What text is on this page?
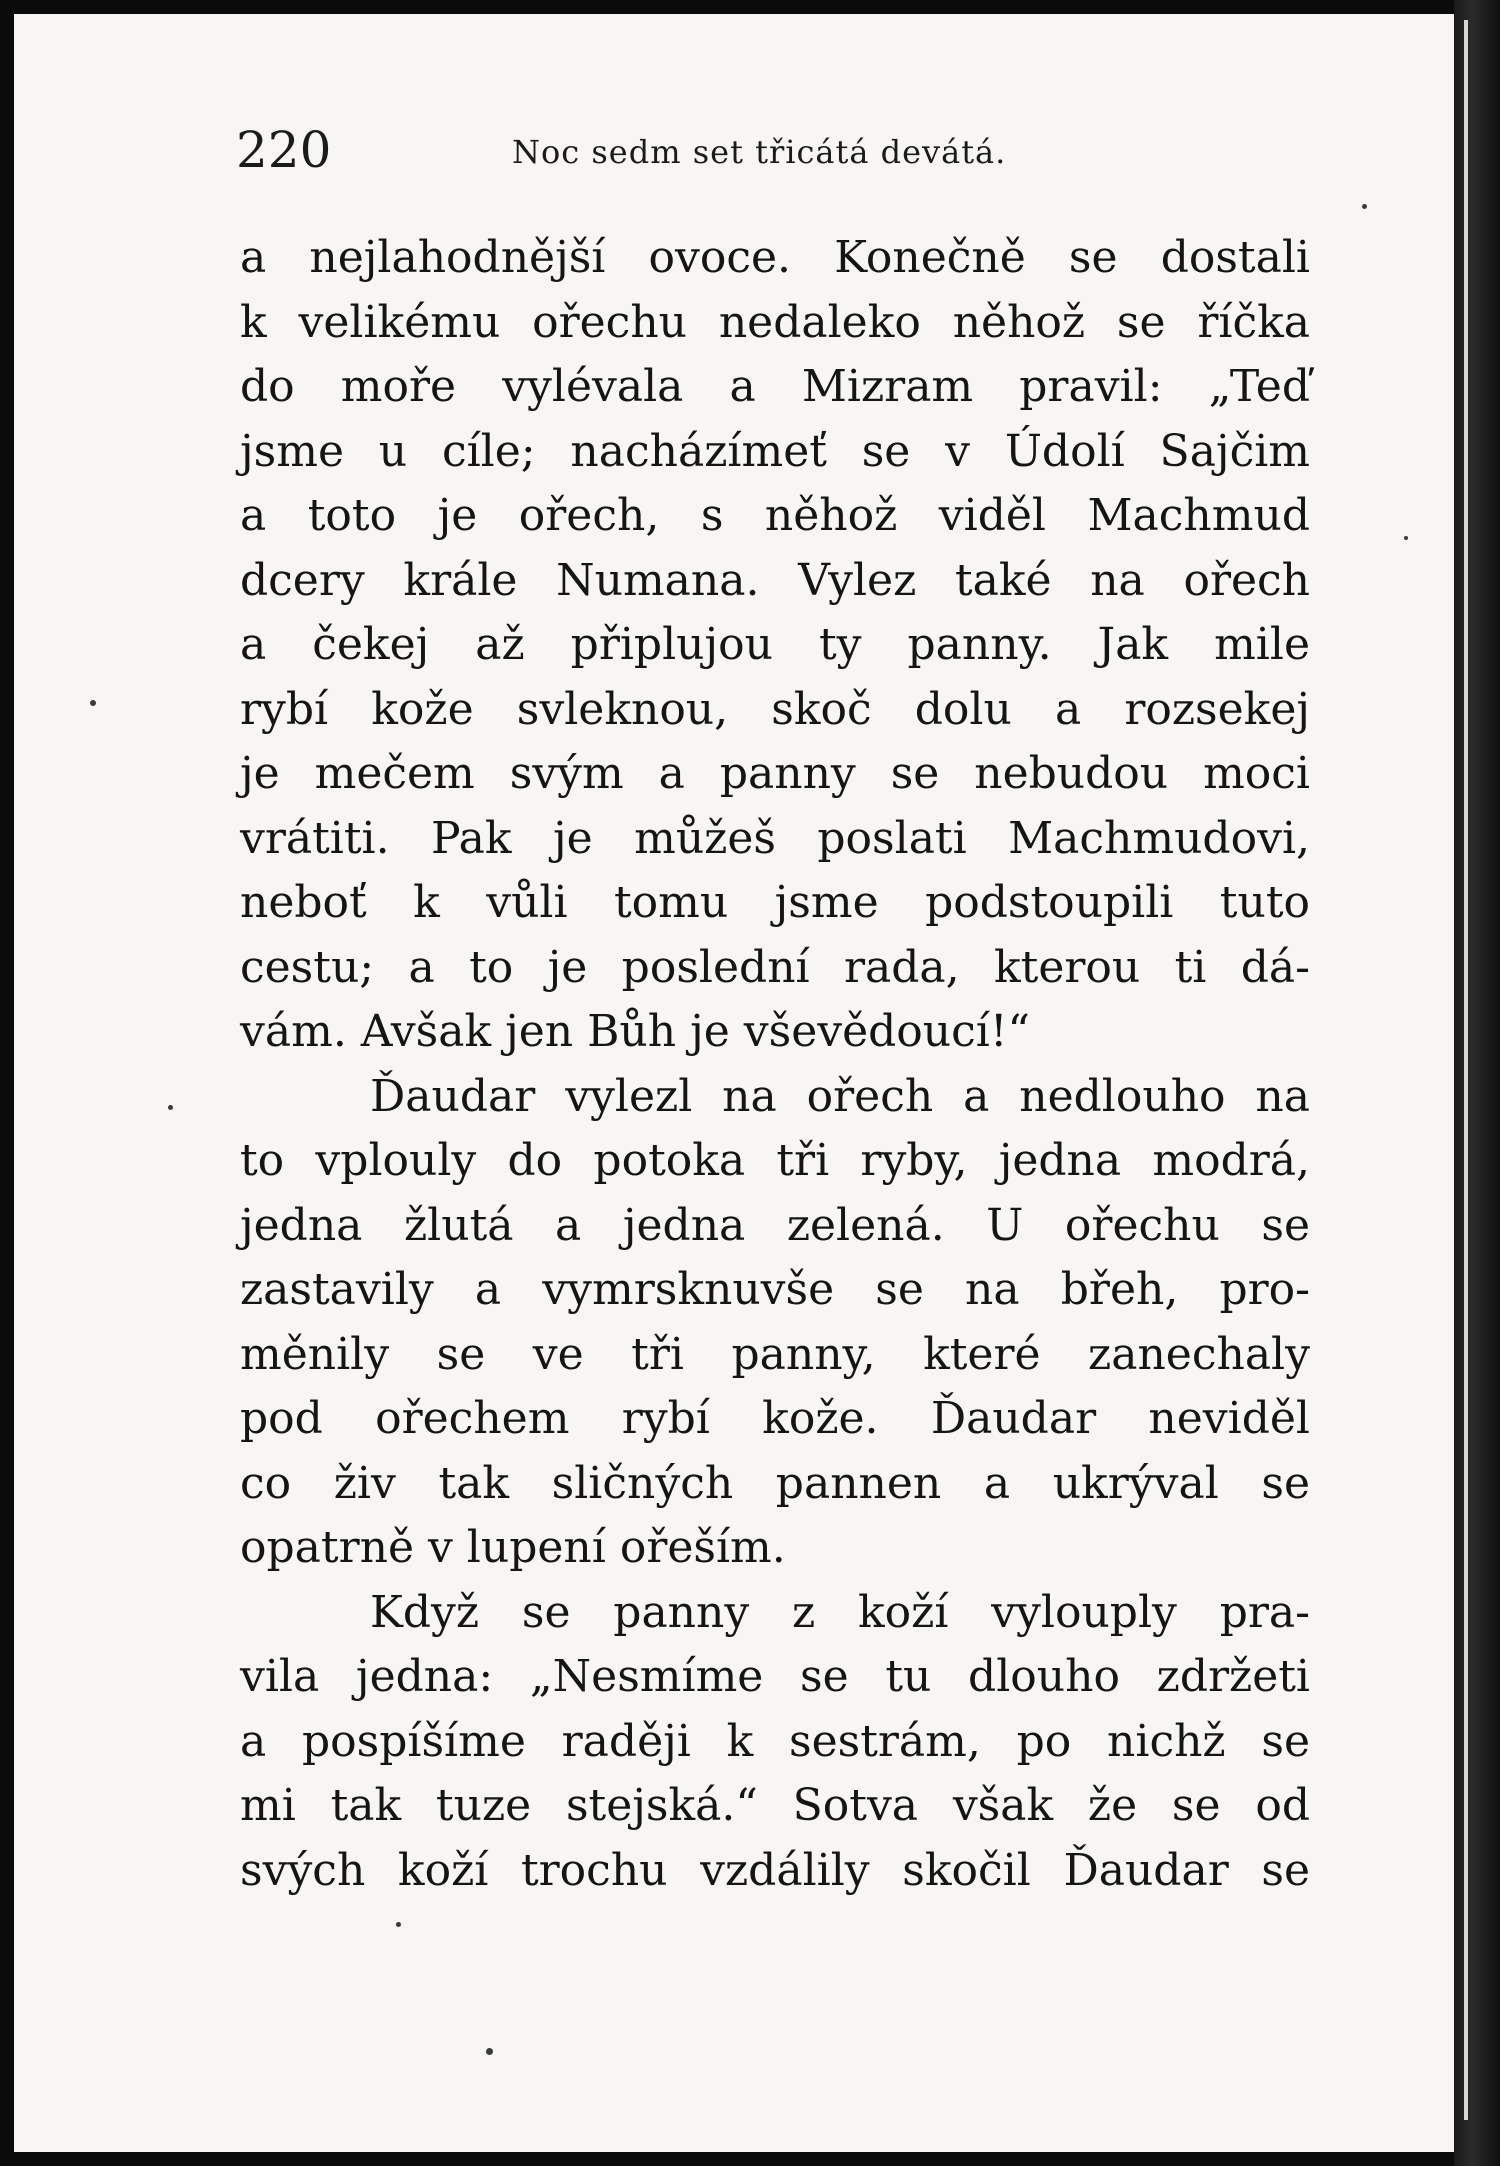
220	Noc sedm set třicátá devátá.
a nejlahodnější ovoce. Konečně se dostali
k velikému ořechu nedaleko něhož se říčka
do moře vylévala a Mizram pravil: „Teď
jsme u cíle; nacházímeť se v Údolí Sajčim
a toto je ořech, s něhož viděl Machmud
dcery krále Numana. Vylez také na ořech
a čekej až připlujou ty panny. Jak mile
rybí kože svleknou, skoč dolu a rozsekej
je mečem svým a panny se nebudou moci
vrátiti. Pak je můžeš poslati Machmudovi,
neboť k vůli tomu jsme podstoupili tuto
cestu; a to je poslední rada, kterou ti dá-
vám. Avšak jen Bůh je vševědoucí!“
Ďaudar vylezl na ořech a nedlouho na
to vplouly do potoka tři ryby, jedna modrá,
jedna žlutá a jedna zelená. U ořechu se
zastavily a vymrsknuvše se na břeh, pro-
měnily se ve tři panny, které zanechaly
pod ořechem rybí kože. Ďaudar neviděl
co živ tak sličných pannen a ukrýval se
opatrně v lupení ořeším.
Když se panny z koží vylouply pra-
vila jedna: „Nesmíme se tu dlouho zdržeti
a pospíšíme raději k sestrám, po nichž se
mi tak tuze stejská.“ Sotva však že se od
svých koží trochu vzdálily skočil Ďaudar se
